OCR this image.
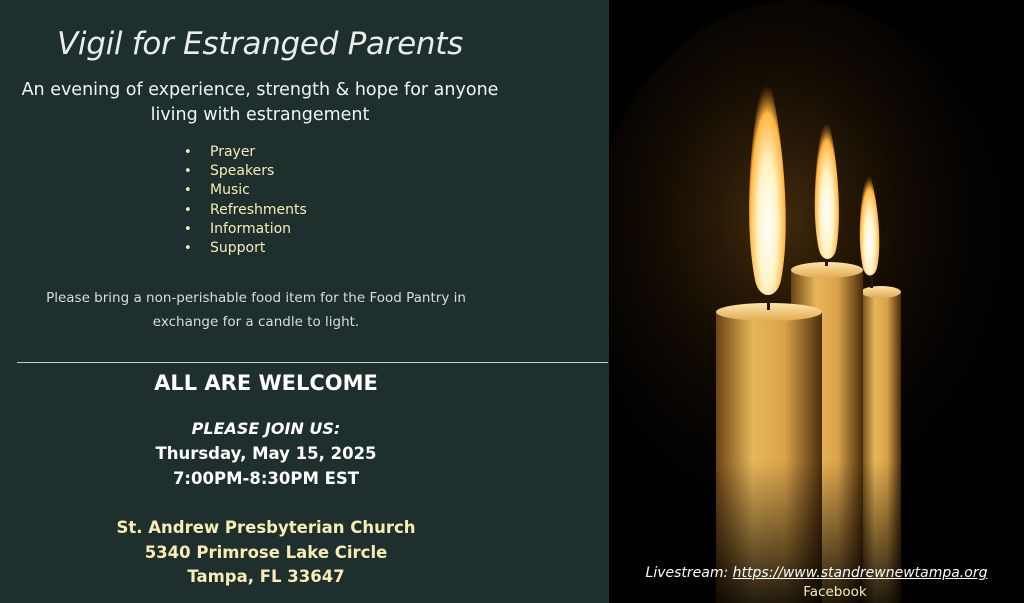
Vigil for Estranged Parents
An evening of experience, strength & hope for anyone living with estrangement
• Prayer
• Speakers
• Music
• Refreshments
• Information
• Support
Please bring a non-perishable food item for the Food Pantry in exchange for a candle to light.
ALL ARE WELCOME
PLEASE JOIN US:
Thursday, May 15, 2025
7:00PM-8:30PM EST
St. Andrew Presbyterian Church
5340 Primrose Lake Circle
Tampa, FL 33647	Livestream: https://www.standrewnewtampa.org
Facebook
